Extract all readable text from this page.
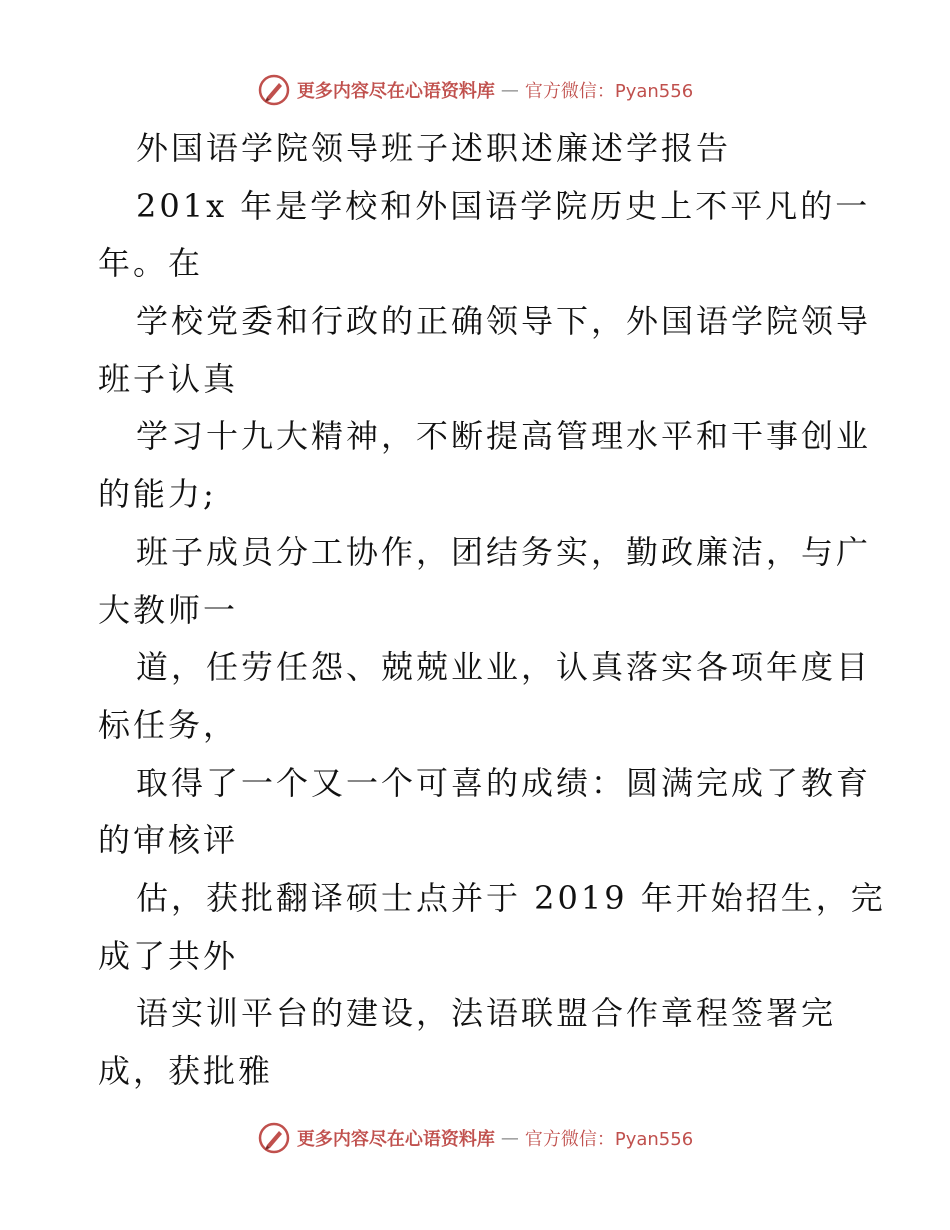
更多内容尽在心语资料库 — 官方微信：Pyan556
外国语学院领导班子述职述廉述学报告
201x 年是学校和外国语学院历史上不平凡的一
年。在
学校党委和行政的正确领导下，外国语学院领导
班子认真
学习十九大精神，不断提高管理水平和干事创业
的能力;
班子成员分工协作，团结务实，勤政廉洁，与广
大教师一
道，任劳任怨、兢兢业业，认真落实各项年度目
标任务，
取得了一个又一个可喜的成绩：圆满完成了教育
的审核评
估，获批翻译硕士点并于 2019 年开始招生，完
成了共外
语实训平台的建设，法语联盟合作章程签署完
成，获批雅
更多内容尽在心语资料库 — 官方微信：Pyan556
